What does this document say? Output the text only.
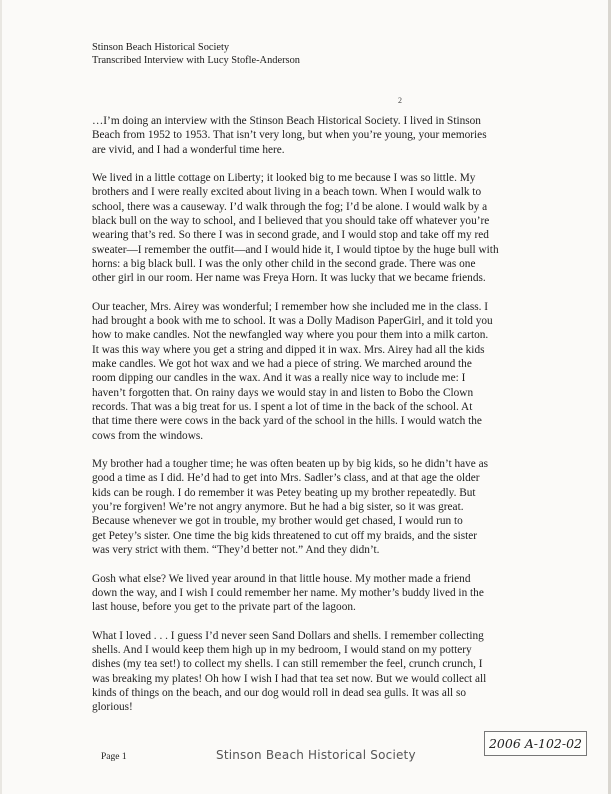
Stinson Beach Historical Society
Transcribed Interview with Lucy Stofle-Anderson
2
…I’m doing an interview with the Stinson Beach Historical Society. I lived in Stinson
Beach from 1952 to 1953. That isn’t very long, but when you’re young, your memories
are vivid, and I had a wonderful time here.
We lived in a little cottage on Liberty; it looked big to me because I was so little. My
brothers and I were really excited about living in a beach town. When I would walk to
school, there was a causeway. I’d walk through the fog; I’d be alone. I would walk by a
black bull on the way to school, and I believed that you should take off whatever you’re
wearing that’s red. So there I was in second grade, and I would stop and take off my red
sweater—I remember the outfit—and I would hide it, I would tiptoe by the huge bull with
horns: a big black bull. I was the only other child in the second grade. There was one
other girl in our room. Her name was Freya Horn. It was lucky that we became friends.
Our teacher, Mrs. Airey was wonderful; I remember how she included me in the class. I
had brought a book with me to school. It was a Dolly Madison PaperGirl, and it told you
how to make candles. Not the newfangled way where you pour them into a milk carton.
It was this way where you get a string and dipped it in wax. Mrs. Airey had all the kids
make candles. We got hot wax and we had a piece of string. We marched around the
room dipping our candles in the wax. And it was a really nice way to include me: I
haven’t forgotten that. On rainy days we would stay in and listen to Bobo the Clown
records. That was a big treat for us. I spent a lot of time in the back of the school. At
that time there were cows in the back yard of the school in the hills. I would watch the
cows from the windows.
My brother had a tougher time; he was often beaten up by big kids, so he didn’t have as
good a time as I did. He’d had to get into Mrs. Sadler’s class, and at that age the older
kids can be rough. I do remember it was Petey beating up my brother repeatedly. But
you’re forgiven! We’re not angry anymore. But he had a big sister, so it was great.
Because whenever we got in trouble, my brother would get chased, I would run to
get Petey’s sister. One time the big kids threatened to cut off my braids, and the sister
was very strict with them. “They’d better not.” And they didn’t.
Gosh what else? We lived year around in that little house. My mother made a friend
down the way, and I wish I could remember her name. My mother’s buddy lived in the
last house, before you get to the private part of the lagoon.
What I loved . . . I guess I’d never seen Sand Dollars and shells. I remember collecting
shells. And I would keep them high up in my bedroom, I would stand on my pottery
dishes (my tea set!) to collect my shells. I can still remember the feel, crunch crunch, I
was breaking my plates! Oh how I wish I had that tea set now. But we would collect all
kinds of things on the beach, and our dog would roll in dead sea gulls. It was all so
glorious!
Page 1	Stinson Beach Historical Society
2006 A-102-02
